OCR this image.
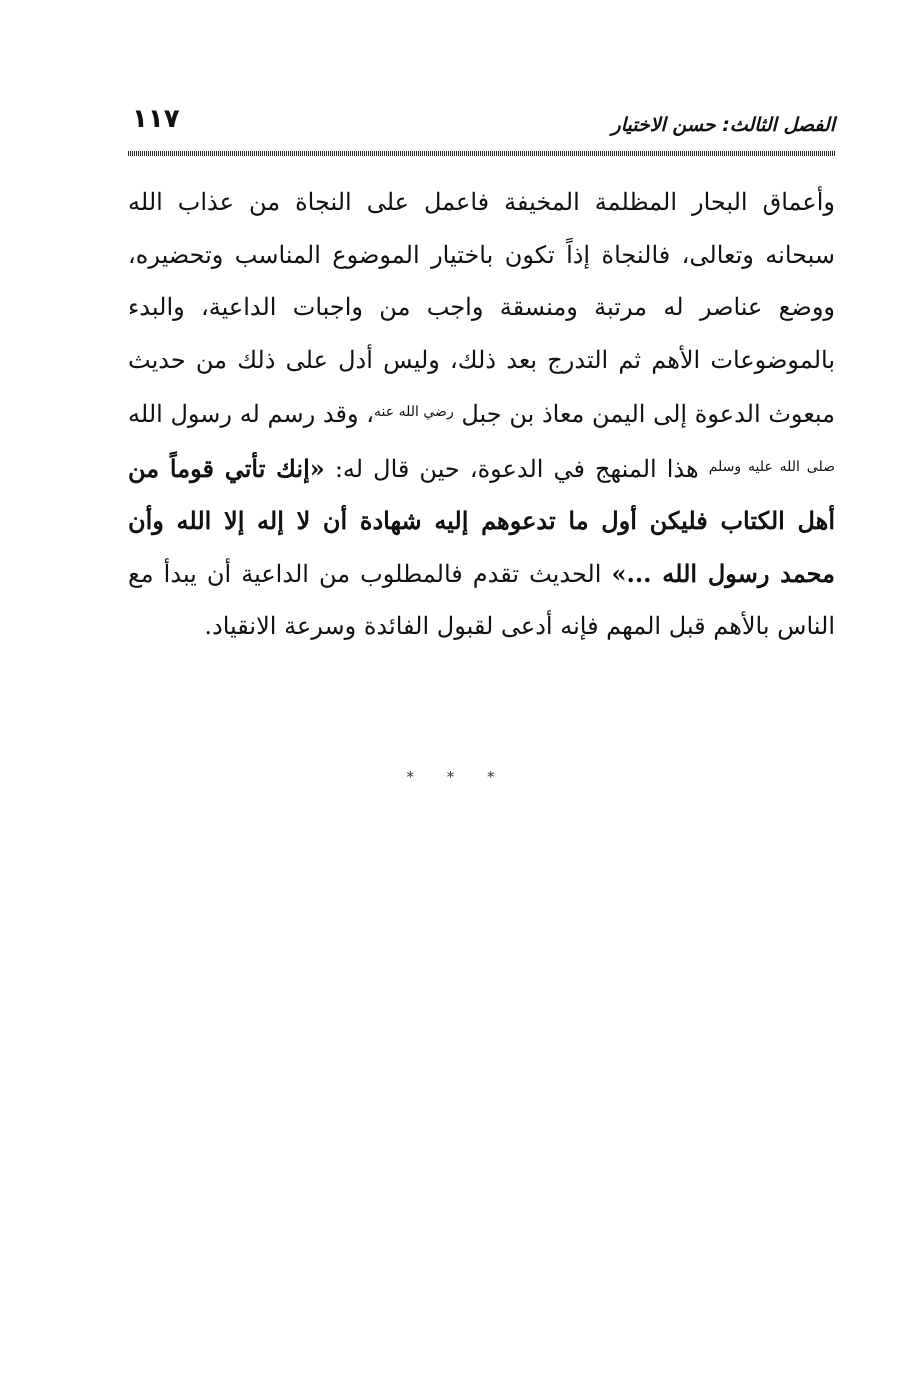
الفصل الثالث: حسن الاختيار
١١٧

وأعماق البحار المظلمة المخيفة فاعمل على النجاة من عذاب الله سبحانه وتعالى، فالنجاة إذاً تكون باختيار الموضوع المناسب وتحضيره، ووضع عناصر له مرتبة ومنسقة واجب من واجبات الداعية، والبدء بالموضوعات الأهم ثم التدرج بعد ذلك، وليس أدل على ذلك من حديث مبعوث الدعوة إلى اليمن معاذ بن جبل $^{رضي الله عنه}$، وقد رسم له رسول الله $^{صلى الله عليه وسلم}$ هذا المنهج في الدعوة، حين قال له: «إنك تأتي قوماً من أهل الكتاب فليكن أول ما تدعوهم إليه شهادة أن لا إله إلا الله وأن محمد رسول الله ...» الحديث تقدم فالمطلوب من الداعية أن يبدأ مع الناس بالأهم قبل المهم فإنه أدعى لقبول الفائدة وسرعة الانقياد.

* * *
